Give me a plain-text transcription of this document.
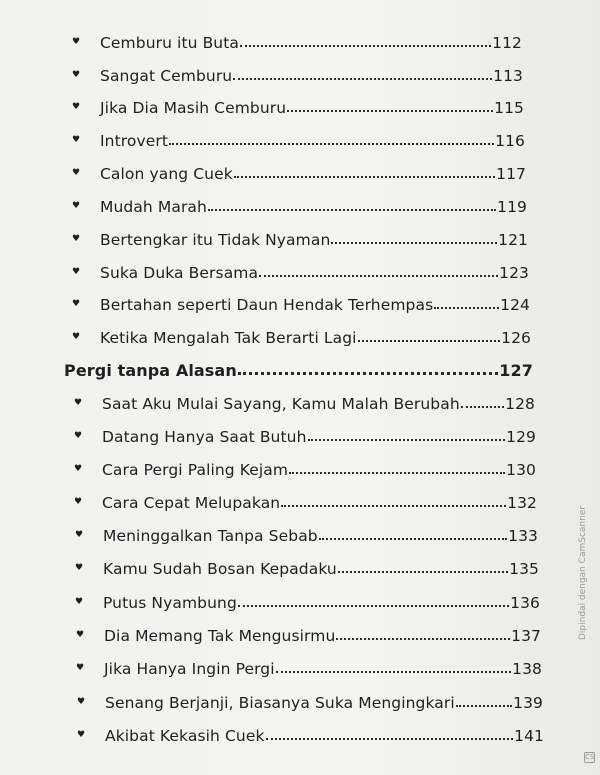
♥	Cemburu itu Buta	112
♥	Sangat Cemburu	113
♥	Jika Dia Masih Cemburu	115
♥	Introvert	116
♥	Calon yang Cuek	117
♥	Mudah Marah	119
♥	Bertengkar itu Tidak Nyaman	121
♥	Suka Duka Bersama	123
♥	Bertahan seperti Daun Hendak Terhempas	124
♥	Ketika Mengalah Tak Berarti Lagi	126
Pergi tanpa Alasan	127
♥	Saat Aku Mulai Sayang, Kamu Malah Berubah	128
♥	Datang Hanya Saat Butuh	129
♥	Cara Pergi Paling Kejam	130
♥	Cara Cepat Melupakan	132
♥	Meninggalkan Tanpa Sebab	133
♥	Kamu Sudah Bosan Kepadaku	135
♥	Putus Nyambung	136
♥	Dia Memang Tak Mengusirmu	137
♥	Jika Hanya Ingin Pergi	138
♥	Senang Berjanji, Biasanya Suka Mengingkari	139
♥	Akibat Kekasih Cuek	141
Dipindai dengan CamScanner
CS
